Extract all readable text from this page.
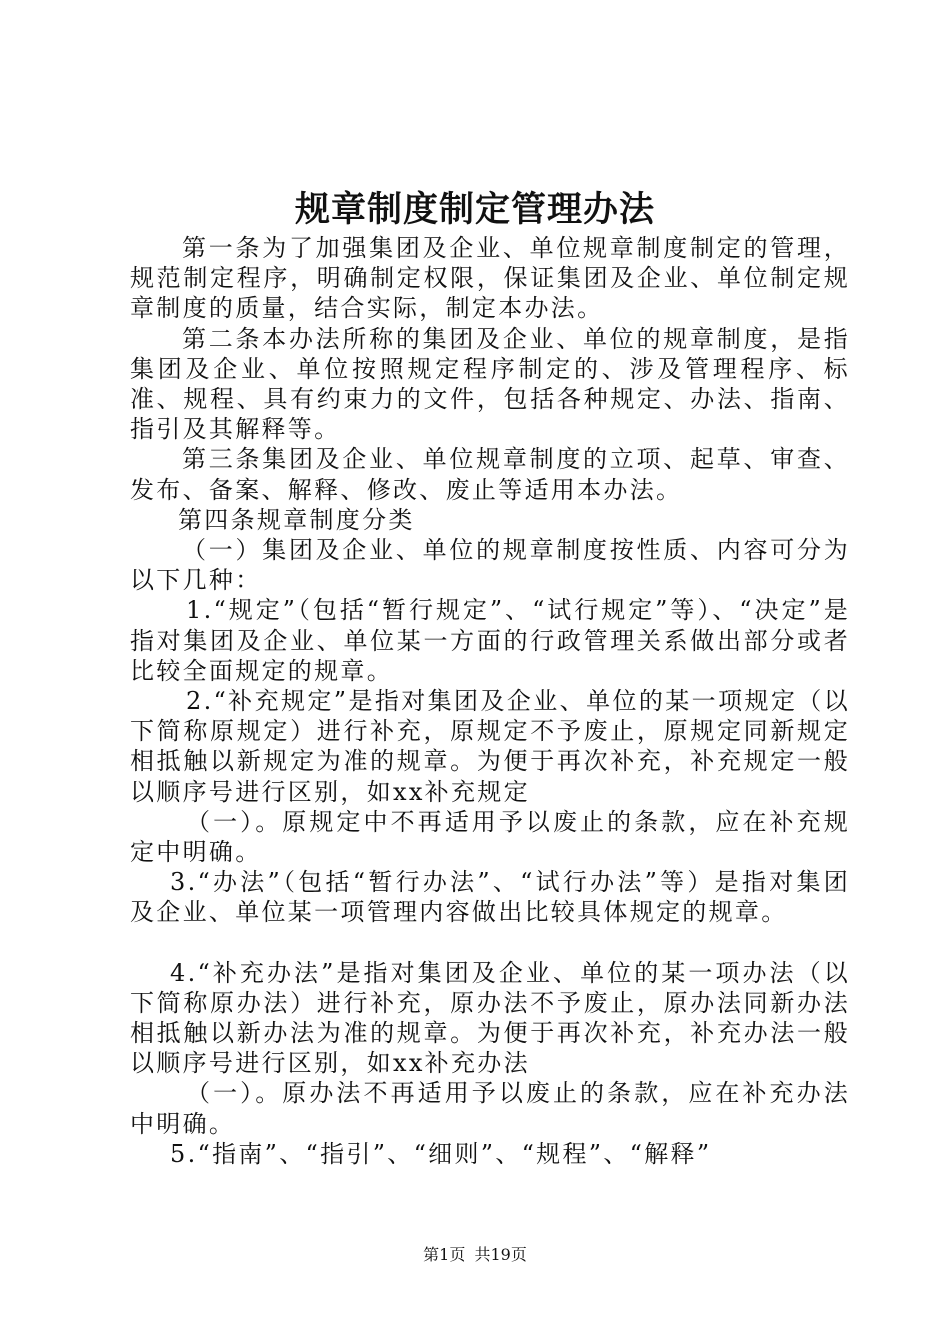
规章制度制定管理办法

第一条为了加强集团及企业、单位规章制度制定的管理，规范制定程序，明确制定权限，保证集团及企业、单位制定规章制度的质量，结合实际，制定本办法。

第二条本办法所称的集团及企业、单位的规章制度，是指集团及企业、单位按照规定程序制定的、涉及管理程序、标准、规程、具有约束力的文件，包括各种规定、办法、指南、指引及其解释等。

第三条集团及企业、单位规章制度的立项、起草、审查、发布、备案、解释、修改、废止等适用本办法。

第四条规章制度分类

（一）集团及企业、单位的规章制度按性质、内容可分为以下几种：

1.“规定”（包括“暂行规定”、“试行规定”等）、“决定”是指对集团及企业、单位某一方面的行政管理关系做出部分或者比较全面规定的规章。

2.“补充规定”是指对集团及企业、单位的某一项规定（以下简称原规定）进行补充，原规定不予废止，原规定同新规定相抵触以新规定为准的规章。为便于再次补充，补充规定一般以顺序号进行区别，如xx补充规定

（一）。原规定中不再适用予以废止的条款，应在补充规定中明确。

3.“办法”（包括“暂行办法”、“试行办法”等）是指对集团及企业、单位某一项管理内容做出比较具体规定的规章。

4.“补充办法”是指对集团及企业、单位的某一项办法（以下简称原办法）进行补充，原办法不予废止，原办法同新办法相抵触以新办法为准的规章。为便于再次补充，补充办法一般以顺序号进行区别，如xx补充办法

（一）。原办法不再适用予以废止的条款，应在补充办法中明确。

5.“指南”、“指引”、“细则”、“规程”、“解释”

第1页 共19页
